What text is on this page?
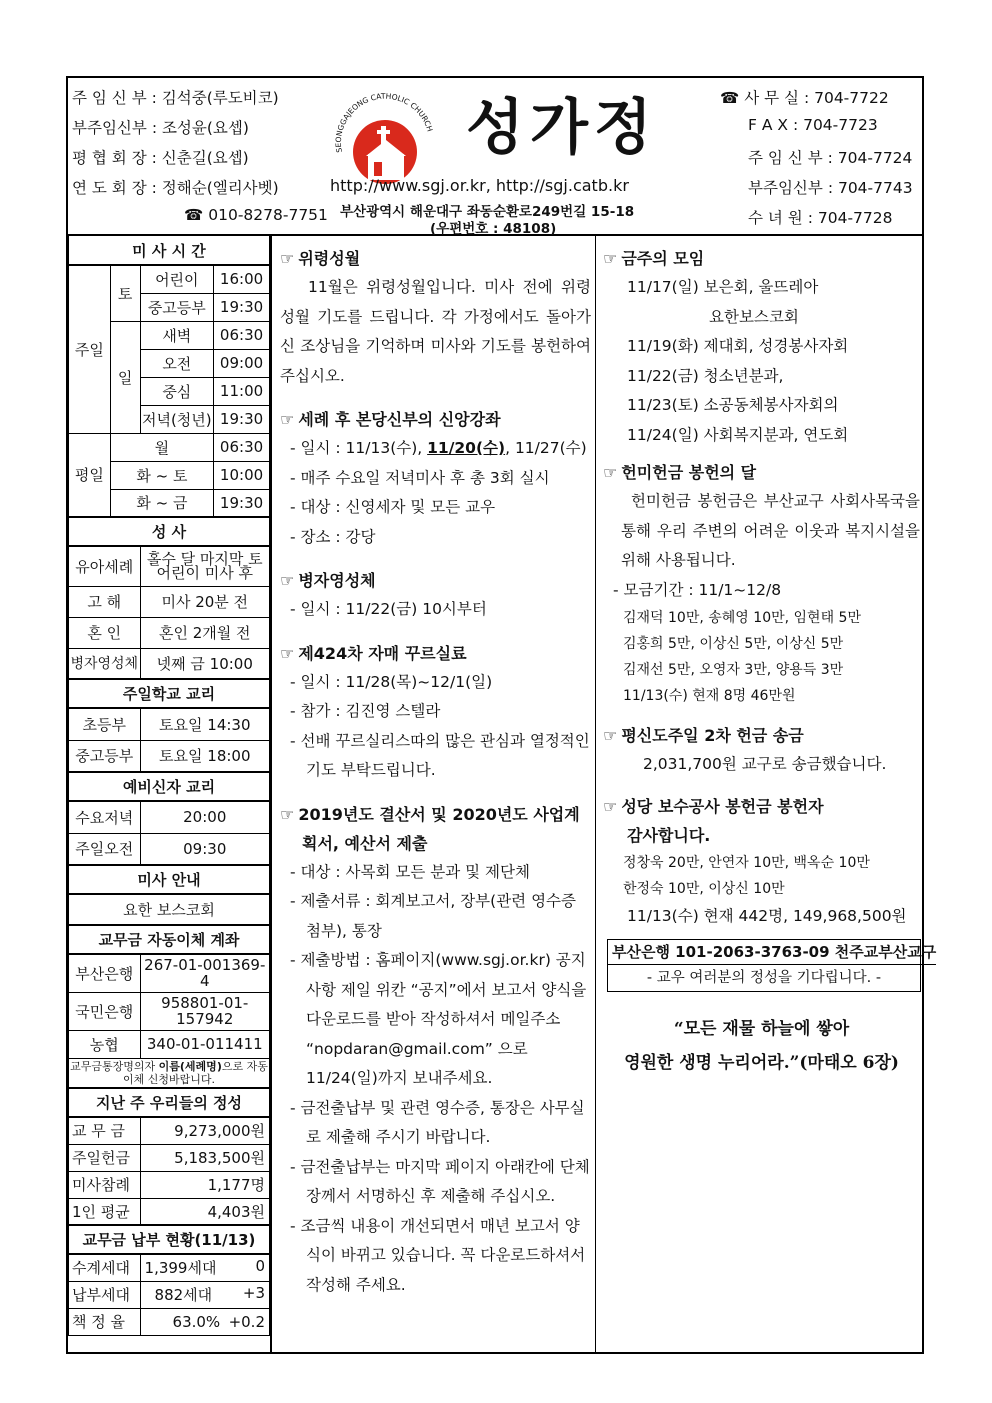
주 임 신 부 : 김석중(루도비코)
부주임신부 : 조성윤(요셉)
평 협 회 장 : 신춘길(요셉)
연 도 회 장 : 정해순(엘리사벳)
☎ 010-8278-7751
SEONGGAJEONG CATHOLIC CHURCH 성가정
http://www.sgj.or.kr, http://sgj.catb.kr
부산광역시 해운대구 좌동순환로249번길 15-18
(우편번호 : 48108)
☎ 사 무 실 : 704-7722
F A X : 704-7723
주 임 신 부 : 704-7724
부주임신부 : 704-7743
수 녀 원 : 704-7728
미 사 시 간			
주일	토	어린이	16:00
		중고등부	19:30
	일	새벽	06:30
		오전	09:00
		중심	11:00
		저녁(청년)	19:30
평일	월		06:30
	화 ~ 토		10:00
	화 ~ 금		19:30
성 사			
유아세례		홀수 달 마지막 토 어린이 미사 후	
고 해		미사 20분 전	
혼 인		혼인 2개월 전	
병자영성체		넷째 금 10:00	
주일학교 교리			
초등부		토요일 14:30	
중고등부		토요일 18:00	
예비신자 교리			
수요저녁		20:00	
주일오전		09:30	
미사 안내			
요한 보스코회			
교무금 자동이체 계좌			
부산은행		267-01-001369-4	
국민은행		958801-01-157942	
농협		340-01-011411	
교무금통장명의자 이름(세례명)으로 자동이체 신청바랍니다.			
지난 주 우리들의 정성			
교 무 금		9,273,000원	
주일헌금		5,183,500원	
미사참례		1,177명	
1인 평균		4,403원	
교무금 납부 현황(11/13)			
수계세대		1,399세대 0	

납부세대		882세대 +3	

책 정 율		63.0% +0.2	
☞ 위령성월
11월은 위령성월입니다. 미사 전에 위령성월 기도를 드립니다. 각 가정에서도 돌아가신 조상님을 기억하며 미사와 기도를 봉헌하여 주십시오.
☞ 세례 후 본당신부의 신앙강좌
- 일시 : 11/13(수), 11/20(수), 11/27(수)
- 매주 수요일 저녁미사 후 총 3회 실시
- 대상 : 신영세자 및 모든 교우
- 장소 : 강당
☞ 병자영성체
- 일시 : 11/22(금) 10시부터
☞ 제424차 자매 꾸르실료
- 일시 : 11/28(목)~12/1(일)
- 참가 : 김진영 스텔라
- 선배 꾸르실리스따의 많은 관심과 열정적인 기도 부탁드립니다.
☞ 2019년도 결산서 및 2020년도 사업계획서, 예산서 제출
- 대상 : 사목회 모든 분과 및 제단체
- 제출서류 : 회계보고서, 장부(관련 영수증 첨부), 통장
- 제출방법 : 홈페이지(www.sgj.or.kr) 공지사항 제일 위칸 “공지”에서 보고서 양식을 다운로드를 받아 작성하셔서 메일주소 “nopdaran@gmail.com” 으로 11/24(일)까지 보내주세요.
- 금전출납부 및 관련 영수증, 통장은 사무실로 제출해 주시기 바랍니다.
- 금전출납부는 마지막 페이지 아래칸에 단체장께서 서명하신 후 제출해 주십시오.
- 조금씩 내용이 개선되면서 매년 보고서 양식이 바뀌고 있습니다. 꼭 다운로드하셔서 작성해 주세요.
☞ 금주의 모임
11/17(일) 보은회, 울뜨레아
요한보스코회
11/19(화) 제대회, 성경봉사자회
11/22(금) 청소년분과,
11/23(토) 소공동체봉사자회의
11/24(일) 사회복지분과, 연도회
☞ 헌미헌금 봉헌의 달
헌미헌금 봉헌금은 부산교구 사회사목국을 통해 우리 주변의 어려운 이웃과 복지시설을 위해 사용됩니다.
- 모금기간 : 11/1~12/8
김재덕 10만, 송혜영 10만, 임현태 5만
김홍희 5만, 이상신 5만, 이상신 5만
김재선 5만, 오영자 3만, 양용득 3만
11/13(수) 현재 8명 46만원
☞ 평신도주일 2차 헌금 송금
2,031,700원 교구로 송금했습니다.
☞ 성당 보수공사 봉헌금 봉헌자
감사합니다.
정창욱 20만, 안연자 10만, 백옥순 10만
한정숙 10만, 이상신 10만
11/13(수) 현재 442명, 149,968,500원
부산은행 101-2063-3763-09 천주교부산교구
- 교우 여러분의 정성을 기다립니다. -
“모든 재물 하늘에 쌓아
영원한 생명 누리어라.”(마태오 6장)
